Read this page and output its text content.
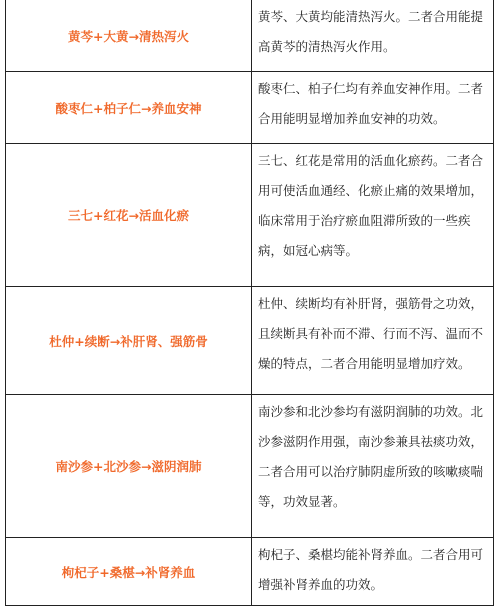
黄芩+大黄→清热泻火

黄芩、大黄均能清热泻火。二者合用能提高黄芩的清热泻火作用。

酸枣仁+柏子仁→养血安神

酸枣仁、柏子仁均有养血安神作用。二者合用能明显增加养血安神的功效。

三七+红花→活血化瘀

三七、红花是常用的活血化瘀药。二者合用可使活血通经、化瘀止痛的效果增加，临床常用于治疗瘀血阻滞所致的一些疾病，如冠心病等。

杜仲+续断→补肝肾、强筋骨

杜仲、续断均有补肝肾，强筋骨之功效，且续断具有补而不滞、行而不泻、温而不燥的特点，二者合用能明显增加疗效。

南沙参+北沙参→滋阴润肺

南沙参和北沙参均有滋阴润肺的功效。北沙参滋阴作用强，南沙参兼具祛痰功效，二者合用可以治疗肺阴虚所致的咳嗽痰喘等，功效显著。

枸杞子+桑椹→补肾养血

枸杞子、桑椹均能补肾养血。二者合用可增强补肾养血的功效。
